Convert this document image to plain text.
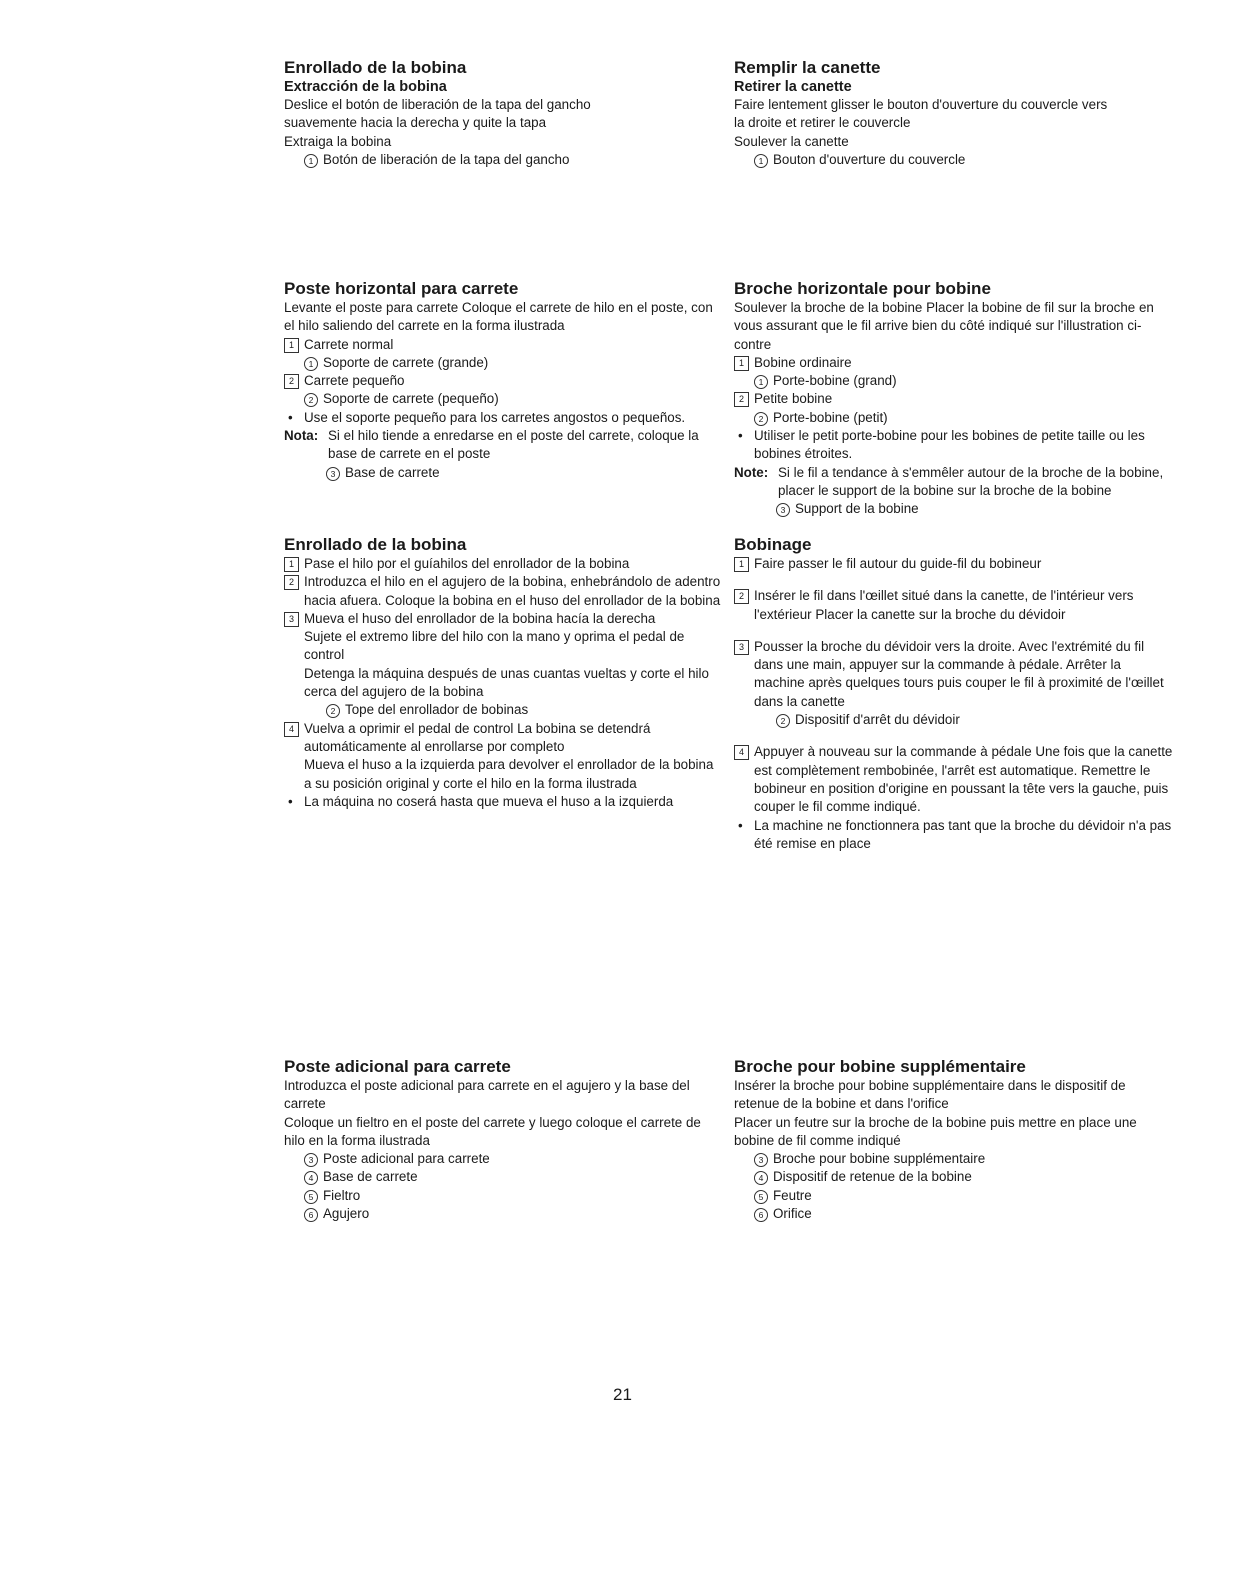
Enrollado de la bobina

Extracción de la bobina

Deslice el botón de liberación de la tapa del gancho

suavemente hacia la derecha y quite la tapa

Extraiga la bobina

1 Botón de liberación de la tapa del gancho

Remplir la canette

Retirer la canette

Faire lentement glisser le bouton d'ouverture du couvercle vers

la droite et retirer le couvercle

Soulever la canette

1 Bouton d'ouverture du couvercle

Poste horizontal para carrete

Levante el poste para carrete Coloque el carrete de hilo en el poste, con el hilo saliendo del carrete en la forma ilustrada

1 Carrete normal

1 Soporte de carrete (grande)

2 Carrete pequeño

2 Soporte de carrete (pequeño)

• Use el soporte pequeño para los carretes angostos o pequeños.

Nota: Si el hilo tiende a enredarse en el poste del carrete, coloque la base de carrete en el poste

3 Base de carrete

Broche horizontale pour bobine

Soulever la broche de la bobine Placer la bobine de fil sur la broche en vous assurant que le fil arrive bien du côté indiqué sur l'illustration ci-contre

1 Bobine ordinaire

1 Porte-bobine (grand)

2 Petite bobine

2 Porte-bobine (petit)

• Utiliser le petit porte-bobine pour les bobines de petite taille ou les bobines étroites.

Note: Si le fil a tendance à s'emmêler autour de la broche de la bobine, placer le support de la bobine sur la broche de la bobine

3 Support de la bobine

Enrollado de la bobina

1 Pase el hilo por el guíahilos del enrollador de la bobina

2 Introduzca el hilo en el agujero de la bobina, enhebrándolo de adentro hacia afuera. Coloque la bobina en el huso del enrollador de la bobina

3 Mueva el huso del enrollador de la bobina hacía la derecha

Sujete el extremo libre del hilo con la mano y oprima el pedal de control

Detenga la máquina después de unas cuantas vueltas y corte el hilo cerca del agujero de la bobina

2 Tope del enrollador de bobinas

4 Vuelva a oprimir el pedal de control La bobina se detendrá automáticamente al enrollarse por completo

Mueva el huso a la izquierda para devolver el enrollador de la bobina a su posición original y corte el hilo en la forma ilustrada

• La máquina no coserá hasta que mueva el huso a la izquierda

Bobinage

1 Faire passer le fil autour du guide-fil du bobineur

2 Insérer le fil dans l'œillet situé dans la canette, de l'intérieur vers l'extérieur Placer la canette sur la broche du dévidoir

3 Pousser la broche du dévidoir vers la droite. Avec l'extrémité du fil dans une main, appuyer sur la commande à pédale. Arrêter la machine après quelques tours puis couper le fil à proximité de l'œillet dans la canette

2 Dispositif d'arrêt du dévidoir

4 Appuyer à nouveau sur la commande à pédale Une fois que la canette est complètement rembobinée, l'arrêt est automatique. Remettre le bobineur en position d'origine en poussant la tête vers la gauche, puis couper le fil comme indiqué.

• La machine ne fonctionnera pas tant que la broche du dévidoir n'a pas été remise en place

Poste adicional para carrete

Introduzca el poste adicional para carrete en el agujero y la base del carrete

Coloque un fieltro en el poste del carrete y luego coloque el carrete de hilo en la forma ilustrada

3 Poste adicional para carrete

4 Base de carrete

5 Fieltro

6 Agujero

Broche pour bobine supplémentaire

Insérer la broche pour bobine supplémentaire dans le dispositif de retenue de la bobine et dans l'orifice

Placer un feutre sur la broche de la bobine puis mettre en place une bobine de fil comme indiqué

3 Broche pour bobine supplémentaire

4 Dispositif de retenue de la bobine

5 Feutre

6 Orifice

21
